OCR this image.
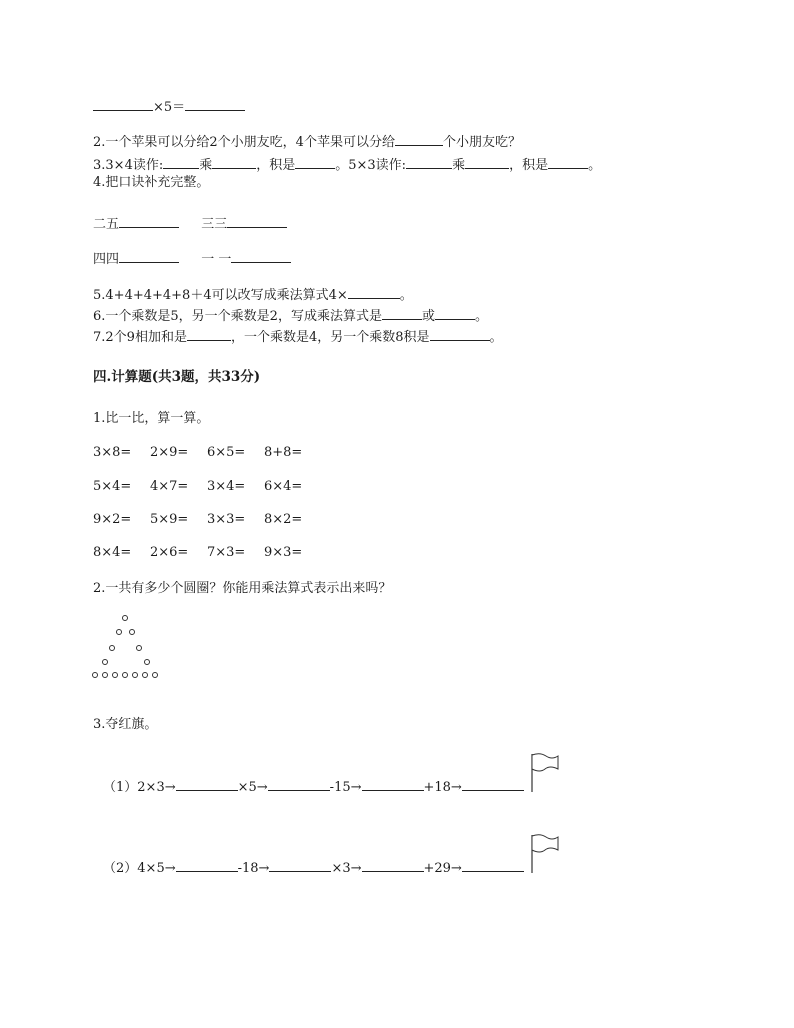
×5＝
2.一个苹果可以分给2个小朋友吃，4个苹果可以分给	个小朋友吃？
3.3×4读作:	乘	，积是	。5×3读作:	乘	，积是	。
4.把口诀补充完整。
二五	三三
四四	一 一
5.4+4+4+4+8＋4可以改写成乘法算式4×	。
6.一个乘数是5，另一个乘数是2，写成乘法算式是	或	。
7.2个9相加和是	，一个乘数是4，另一个乘数8积是	。
四.计算题(共3题，共33分)
1.比一比，算一算。
3×8=	2×9=	6×5=	8+8=
5×4=	4×7=	3×4=	6×4=
9×2=	5×9=	3×3=	8×2=
8×4=	2×6=	7×3=	9×3=
2.一共有多少个圆圈？你能用乘法算式表示出来吗？
3.夺红旗。
（1）2×3→	×5→	-15→	+18→
（2）4×5→	-18→	×3→	+29→
